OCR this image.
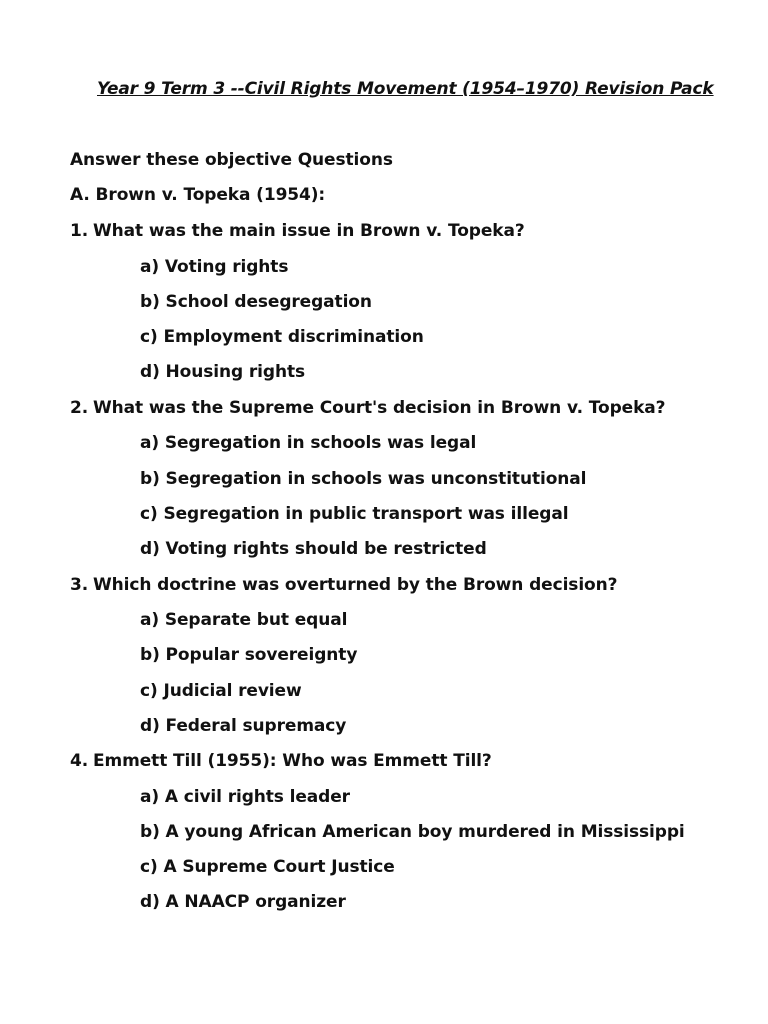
Year 9 Term 3 --Civil Rights Movement (1954–1970) Revision Pack
Answer these objective Questions
A. Brown v. Topeka (1954):
1. What was the main issue in Brown v. Topeka?
a) Voting rights
b) School desegregation
c) Employment discrimination
d) Housing rights
2. What was the Supreme Court's decision in Brown v. Topeka?
a) Segregation in schools was legal
b) Segregation in schools was unconstitutional
c) Segregation in public transport was illegal
d) Voting rights should be restricted
3. Which doctrine was overturned by the Brown decision?
a) Separate but equal
b) Popular sovereignty
c) Judicial review
d) Federal supremacy
4. Emmett Till (1955): Who was Emmett Till?
a) A civil rights leader
b) A young African American boy murdered in Mississippi
c) A Supreme Court Justice
d) A NAACP organizer
